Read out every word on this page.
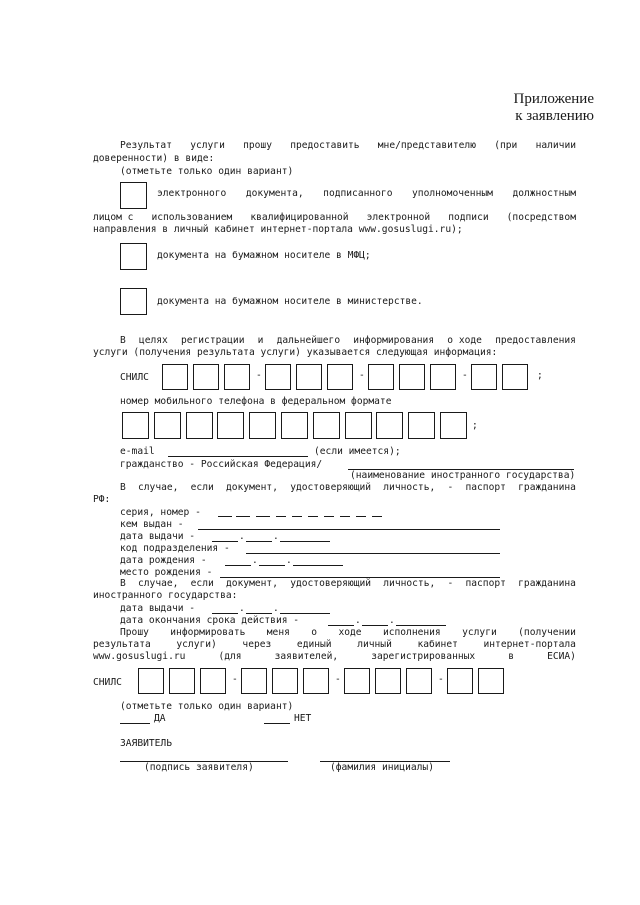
Приложение
к заявлению
Результат услуги прошу предоставить мне/представителю (при наличии
доверенности) в виде:
(отметьте только один вариант)
электронного документа, подписанного уполномоченным должностным
лицом с использованием квалифицированной электронной подписи (посредством
направления в личный кабинет интернет-портала www.gosuslugi.ru);
документа на бумажном носителе в МФЦ;
документа на бумажном носителе в министерстве.
В целях регистрации и дальнейшего информирования о ходе предоставления
услуги (получения результата услуги) указывается следующая информация:
СНИЛС
номер мобильного телефона в федеральном формате
;
e-mail	(если имеется);
гражданство - Российская Федерация/
(наименование иностранного государства)
В случае, если документ, удостоверяющий личность, - паспорт гражданина
РФ:
серия, номер -
кем выдан -
дата выдачи -
код подразделения -
дата рождения -
место рождения -
В случае, если документ, удостоверяющий личность, - паспорт гражданина
иностранного государства:
дата выдачи -
дата окончания срока действия -
Прошу информировать меня о ходе исполнения услуги (получении
результата	услуги)	через	единый	личный	кабинет	интернет-портала
www.gosuslugi.ru	(для	заявителей,	зарегистрированных	в	ЕСИА)
СНИЛС
(отметьте только один вариант)
ДА	НЕТ
ЗАЯВИТЕЛЬ
(подпись заявителя)	(фамилия инициалы)
-	-	-	;
-	-	-
.	.
.	.
.	.
.	.
